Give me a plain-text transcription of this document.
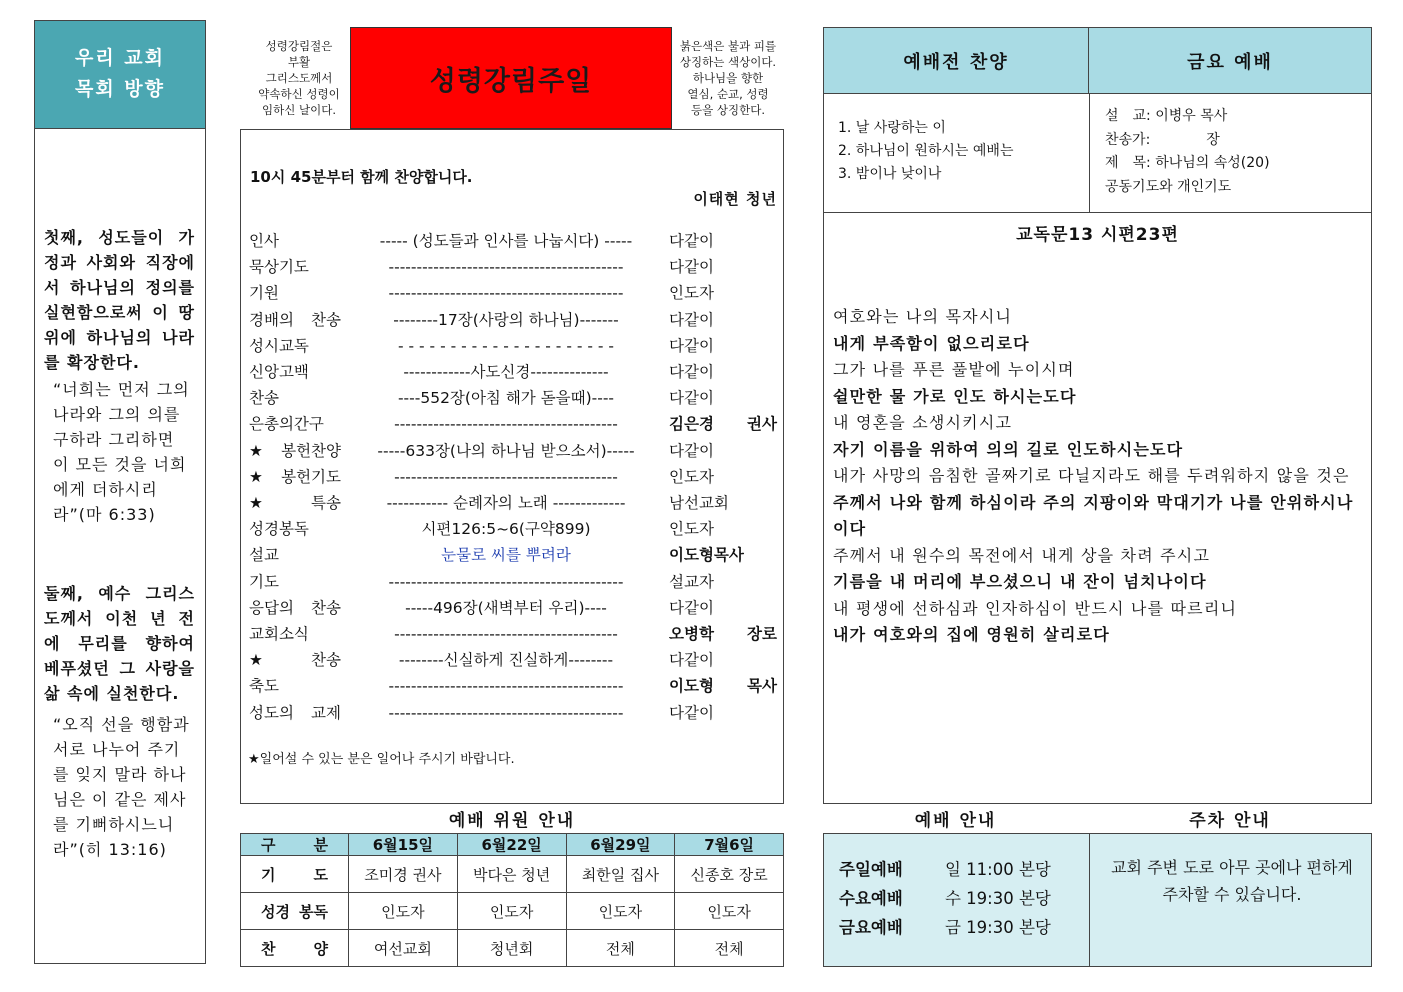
우리 교회
목회 방향
첫째, 성도들이 가정과 사회와 직장에서 하나님의 정의를 실현함으로써 이 땅위에 하나님의 나라를 확장한다.
“너희는 먼저 그의 나라와 그의 의를 구하라 그리하면 이 모든 것을 너희에게 더하시리라”(마 6:33)
둘째, 예수 그리스도께서 이천 년 전에 무리를 향하여 베푸셨던 그 사랑을 삶 속에 실천한다.
“오직 선을 행함과 서로 나누어 주기를 잊지 말라 하나님은 이 같은 제사를 기뻐하시느니라”(히 13:16)
성령강림절은
부활
그리스도께서
약속하신 성령이
임하신 날이다.
성령강림주일
붉은색은 불과 피를
상징하는 색상이다.
하나님을 향한
열심, 순교, 성령
등을 상징한다.
10시 45분부터 함께 찬양합니다.
이태현 청년
인사	----- (성도들과 인사를 나눕시다) -----	다같이
묵상기도	------------------------------------------	다같이
기원	------------------------------------------	인도자
경배의 찬송	--------17장(사랑의 하나님)-------	다같이
성시교독	- - - - - - - - - - - - - - - - - - - - -	다같이
신앙고백	------------사도신경--------------	다같이
찬송	----552장(아침 해가 돋을때)----	다같이
은총의간구	----------------------------------------	김은경 권사
★봉헌찬양	-----633장(나의 하나님 받으소서)-----	다같이
★봉헌기도	----------------------------------------	인도자
★특송	----------- 순례자의 노래 -------------	남선교회
성경봉독	시편126:5~6(구약899)	인도자
설교	눈물로 씨를 뿌려라	이도형목사
기도	------------------------------------------	설교자
응답의 찬송	-----496장(새벽부터 우리)----	다같이
교회소식	----------------------------------------	오병학 장로
★찬송	--------신실하게 진실하게--------	다같이
축도	------------------------------------------	이도형 목사
성도의 교제	------------------------------------------	다같이
★일어설 수 있는 분은 일어나 주시기 바랍니다.
예배 위원 안내
구 분	6월15일	6월22일	6월29일	7월6일
기 도	조미경 권사	박다은 청년	최한일 집사	신종호 장로
성경 봉독	인도자	인도자	인도자	인도자
찬 양	여선교회	청년회	전체	전체
예배전 찬양	금요 예배
1. 날 사랑하는 이
2. 하나님이 원하시는 예배는
3. 밤이나 낮이나
설　교: 이병우 목사
찬송가:　　　　장
제　목: 하나님의 속성(20)
공동기도와 개인기도
교독문13 시편23편
여호와는 나의 목자시니
내게 부족함이 없으리로다
그가 나를 푸른 풀밭에 누이시며
쉴만한 물 가로 인도 하시는도다
내 영혼을 소생시키시고
자기 이름을 위하여 의의 길로 인도하시는도다
내가 사망의 음침한 골짜기로 다닐지라도 해를 두려워하지 않을 것은
주께서 나와 함께 하심이라 주의 지팡이와 막대기가 나를 안위하시나이다
주께서 내 원수의 목전에서 내게 상을 차려 주시고
기름을 내 머리에 부으셨으니 내 잔이 넘치나이다
내 평생에 선하심과 인자하심이 반드시 나를 따르리니
내가 여호와의 집에 영원히 살리로다
예배 안내	주차 안내
주일예배	일 11:00 본당
수요예배	수 19:30 본당
금요예배	금 19:30 본당
교회 주변 도로 아무 곳에나 편하게 주차할 수 있습니다.
